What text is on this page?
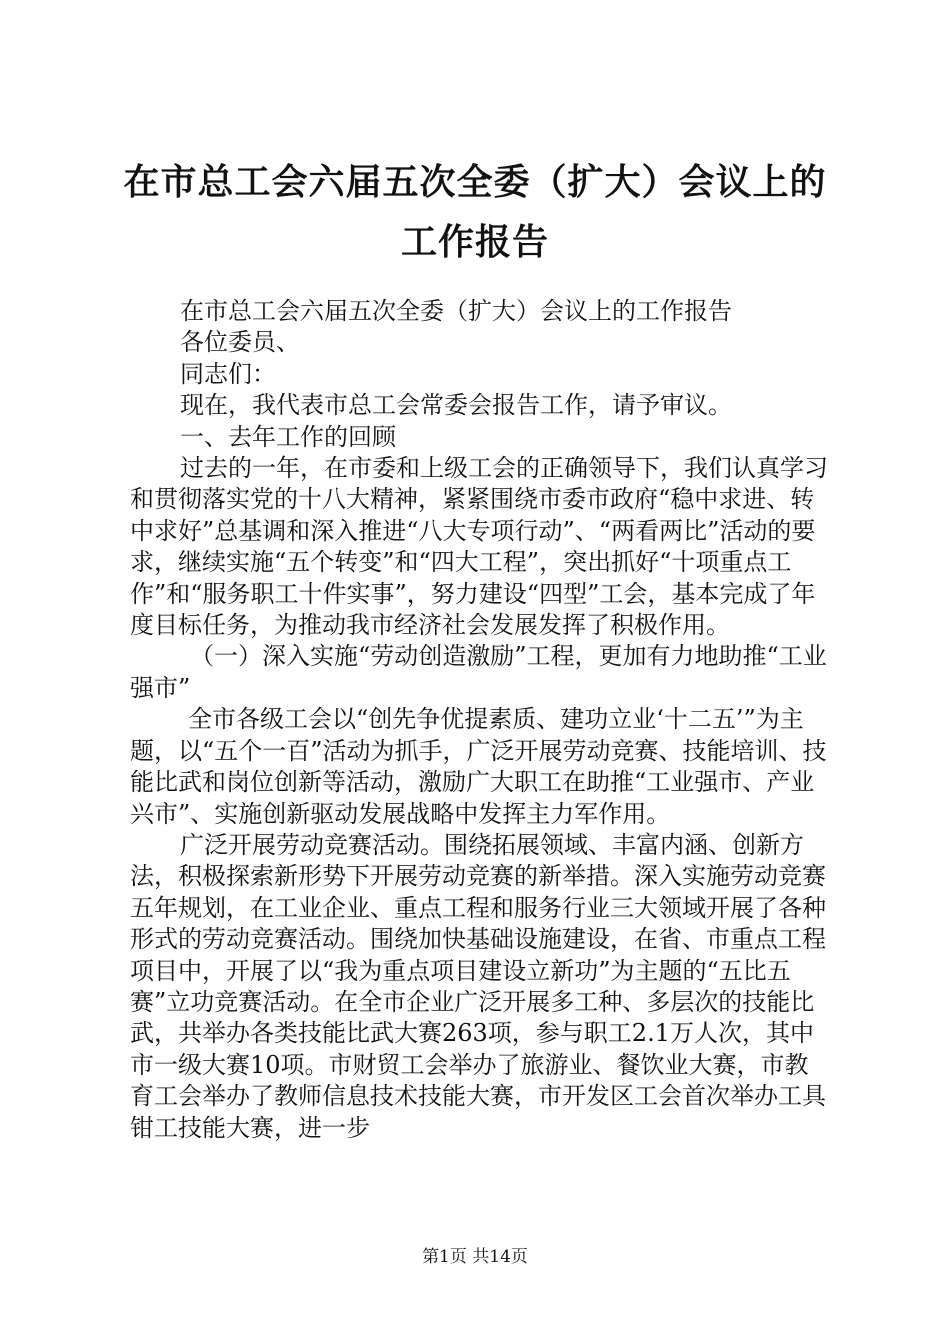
在市总工会六届五次全委（扩大）会议上的工作报告

在市总工会六届五次全委（扩大）会议上的工作报告

各位委员、

同志们：

现在，我代表市总工会常委会报告工作，请予审议。

一、去年工作的回顾

过去的一年，在市委和上级工会的正确领导下，我们认真学习和贯彻落实党的十八大精神，紧紧围绕市委市政府“稳中求进、转中求好”总基调和深入推进“八大专项行动”、“两看两比”活动的要求，继续实施“五个转变”和“四大工程”，突出抓好“十项重点工作”和“服务职工十件实事”，努力建设“四型”工会，基本完成了年度目标任务，为推动我市经济社会发展发挥了积极作用。

（一）深入实施“劳动创造激励”工程，更加有力地助推“工业强市”

全市各级工会以“创先争优提素质、建功立业‘十二五’”为主题，以“五个一百”活动为抓手，广泛开展劳动竞赛、技能培训、技能比武和岗位创新等活动，激励广大职工在助推“工业强市、产业兴市”、实施创新驱动发展战略中发挥主力军作用。

广泛开展劳动竞赛活动。围绕拓展领域、丰富内涵、创新方法，积极探索新形势下开展劳动竞赛的新举措。深入实施劳动竞赛五年规划，在工业企业、重点工程和服务行业三大领域开展了各种形式的劳动竞赛活动。围绕加快基础设施建设，在省、市重点工程项目中，开展了以“我为重点项目建设立新功”为主题的“五比五赛”立功竞赛活动。在全市企业广泛开展多工种、多层次的技能比武，共举办各类技能比武大赛263项，参与职工2.1万人次，其中市一级大赛10项。市财贸工会举办了旅游业、餐饮业大赛，市教育工会举办了教师信息技术技能大赛，市开发区工会首次举办工具钳工技能大赛，进一步

第1页 共14页
